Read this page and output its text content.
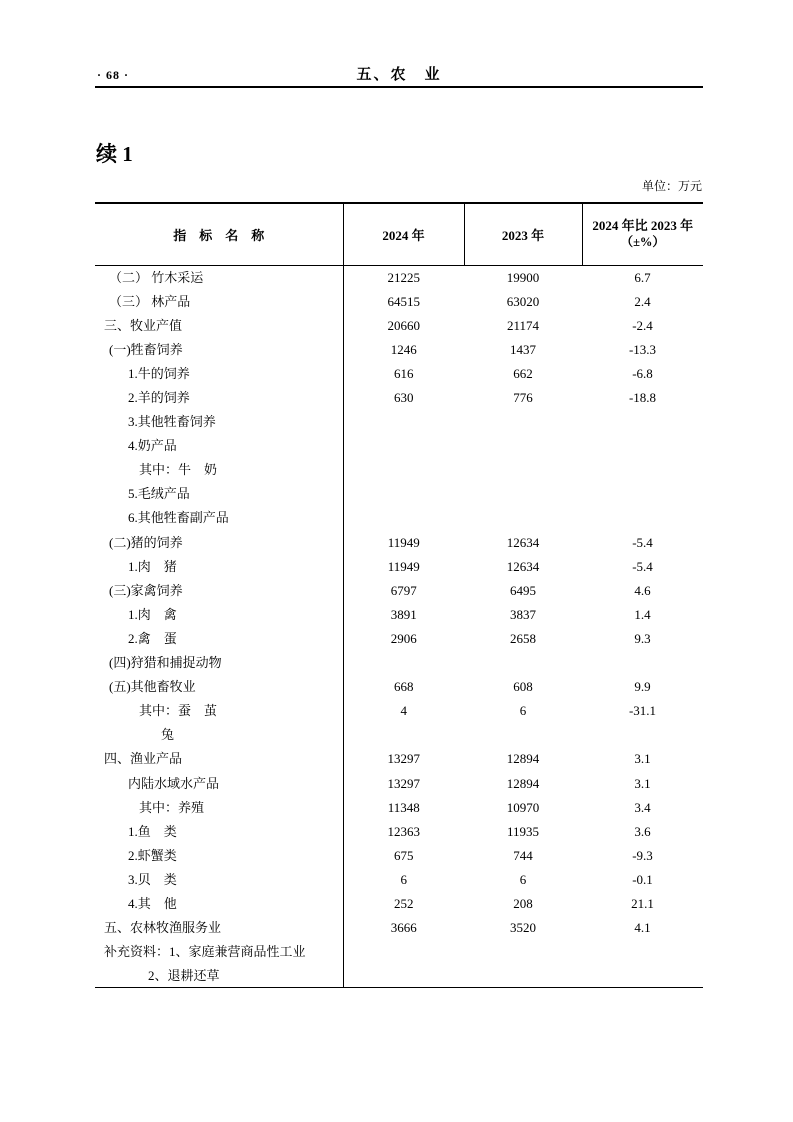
· 68 ·	五、农　业
续 1
单位：万元
指　标　名　称	2024 年	2023 年	2024 年比 2023 年
（±%）

（二） 竹木采运	21225	19900	6.7
（三） 林产品	64515	63020	2.4
三、牧业产值	20660	21174	-2.4
(一)牲畜饲养	1246	1437	-13.3
1.牛的饲养	616	662	-6.8
2.羊的饲养	630	776	-18.8
3.其他牲畜饲养			
4.奶产品			
其中：牛　奶			
5.毛绒产品			
6.其他牲畜副产品			
(二)猪的饲养	11949	12634	-5.4
1.肉　猪	11949	12634	-5.4
(三)家禽饲养	6797	6495	4.6
1.肉　禽	3891	3837	1.4
2.禽　蛋	2906	2658	9.3
(四)狩猎和捕捉动物			
(五)其他畜牧业	668	608	9.9
其中：蚕　茧	4	6	-31.1
兔			
四、渔业产品	13297	12894	3.1
内陆水域水产品	13297	12894	3.1
其中：养殖	11348	10970	3.4
1.鱼　类	12363	11935	3.6
2.虾蟹类	675	744	-9.3
3.贝　类	6	6	-0.1
4.其　他	252	208	21.1
五、农林牧渔服务业	3666	3520	4.1
补充资料：1、家庭兼营商品性工业			
2、退耕还草			
